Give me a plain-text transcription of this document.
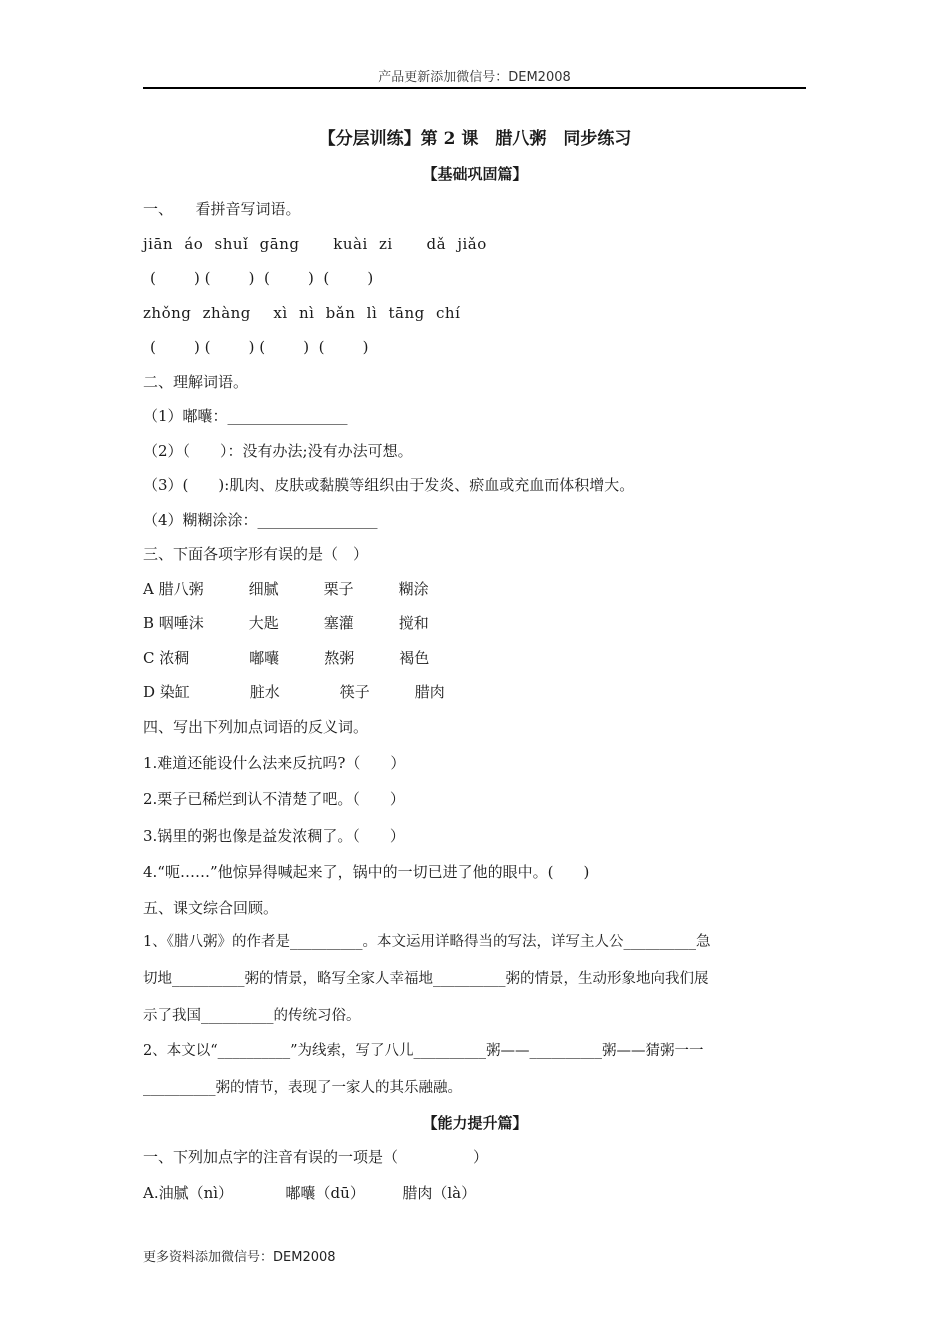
产品更新添加微信号：DEM2008
【分层训练】第 2 课　腊八粥　同步练习
【基础巩固篇】
一、　　看拼音写词语。
jiān áo shuǐ gāng   kuài zi   dǎ jiǎo
(        ) (        )  (        )  (        )
zhǒng zhàng  xì nì bǎn lì tāng chí
(        ) (        ) (        )  (        )
二、理解词语。
（1）嘟囔：________________
（2）（　　）：没有办法;没有办法可想。
（3）(　　):肌肉、皮肤或黏膜等组织由于发炎、瘀血或充血而体积增大。
（4）糊糊涂涂：________________
三、下面各项字形有误的是（　）
A 腊八粥　　　细腻　　　栗子　　　糊涂
B 咽唾沫　　　大匙　　　塞灌　　　搅和
C 浓稠　　　　嘟囔　　　熬粥　　　褐色
D 染缸　　　　脏水　　　　筷子　　　腊肉
四、写出下列加点词语的反义词。
1.难道还能设什么法来反抗吗?（　　）
2.栗子已稀烂到认不清楚了吧。（　　）
3.锅里的粥也像是益发浓稠了。（　　）
4.“呃……”他惊异得喊起来了，锅中的一切已进了他的眼中。(　　)
五、课文综合回顾。
1、《腊八粥》的作者是__________。本文运用详略得当的写法，详写主人公__________急
切地__________粥的情景，略写全家人幸福地__________粥的情景，生动形象地向我们展
示了我国__________的传统习俗。
2、本文以“__________”为线索，写了八儿__________粥——__________粥——猜粥一一
__________粥的情节，表现了一家人的其乐融融。
【能力提升篇】
一、下列加点字的注音有误的一项是（　　　　　）
A.油腻（nì）　　　　嘟囔（dū）　　　腊肉（là）
更多资料添加微信号：DEM2008
